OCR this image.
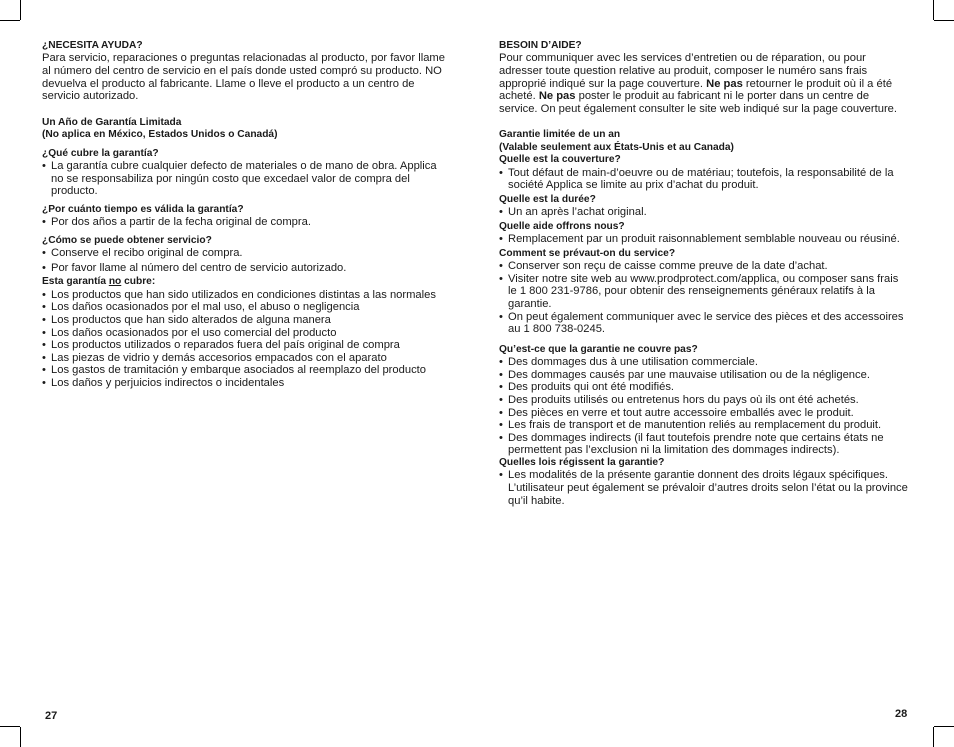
¿NECESITA AYUDA?

Para servicio, reparaciones o preguntas relacionadas al producto, por favor llame al número del centro de servicio en el país donde usted compró su producto. NO devuelva el producto al fabricante. Llame o lleve el producto a un centro de servicio autorizado.

Un Año de Garantía Limitada
(No aplica en México, Estados Unidos o Canadá)
¿Qué cubre la garantía?
• La garantía cubre cualquier defecto de materiales o de mano de obra. Applica no se responsabiliza por ningún costo que excedael valor de compra del producto.
¿Por cuánto tiempo es válida la garantía?
• Por dos años a partir de la fecha original de compra.
¿Cómo se puede obtener servicio?
• Conserve el recibo original de compra.
• Por favor llame al número del centro de servicio autorizado.
Esta garantía no cubre:
• Los productos que han sido utilizados en condiciones distintas a las normales
• Los daños ocasionados por el mal uso, el abuso o negligencia
• Los productos que han sido alterados de alguna manera
• Los daños ocasionados por el uso comercial del producto
• Los productos utilizados o reparados fuera del país original de compra
• Las piezas de vidrio y demás accesorios empacados con el aparato
• Los gastos de tramitación y embarque asociados al reemplazo del producto
• Los daños y perjuicios indirectos o incidentales
BESOIN D’AIDE?

Pour communiquer avec les services d’entretien ou de réparation, ou pour adresser toute question relative au produit, composer le numéro sans frais approprié indiqué sur la page couverture. Ne pas retourner le produit où il a été acheté. Ne pas poster le produit au fabricant ni le porter dans un centre de service. On peut également consulter le site web indiqué sur la page couverture.

Garantie limitée de un an
(Valable seulement aux États-Unis et au Canada)
Quelle est la couverture?
• Tout défaut de main-d’oeuvre ou de matériau; toutefois, la responsabilité de la société Applica se limite au prix d’achat du produit.
Quelle est la durée?
• Un an après l’achat original.
Quelle aide offrons nous?
• Remplacement par un produit raisonnablement semblable nouveau ou réusiné.
Comment se prévaut-on du service?
• Conserver son reçu de caisse comme preuve de la date d’achat.
• Visiter notre site web au www.prodprotect.com/applica, ou composer sans frais le 1 800 231-9786, pour obtenir des renseignements généraux relatifs à la garantie.
• On peut également communiquer avec le service des pièces et des accessoires au 1 800 738-0245.
Qu’est-ce que la garantie ne couvre pas?
• Des dommages dus à une utilisation commerciale.
• Des dommages causés par une mauvaise utilisation ou de la négligence.
• Des produits qui ont été modifiés.
• Des produits utilisés ou entretenus hors du pays où ils ont été achetés.
• Des pièces en verre et tout autre accessoire emballés avec le produit.
• Les frais de transport et de manutention reliés au remplacement du produit.
• Des dommages indirects (il faut toutefois prendre note que certains états ne permettent pas l’exclusion ni la limitation des dommages indirects).
Quelles lois régissent la garantie?
• Les modalités de la présente garantie donnent des droits légaux spécifiques. L’utilisateur peut également se prévaloir d’autres droits selon l’état ou la province qu’il habite.
27	28
